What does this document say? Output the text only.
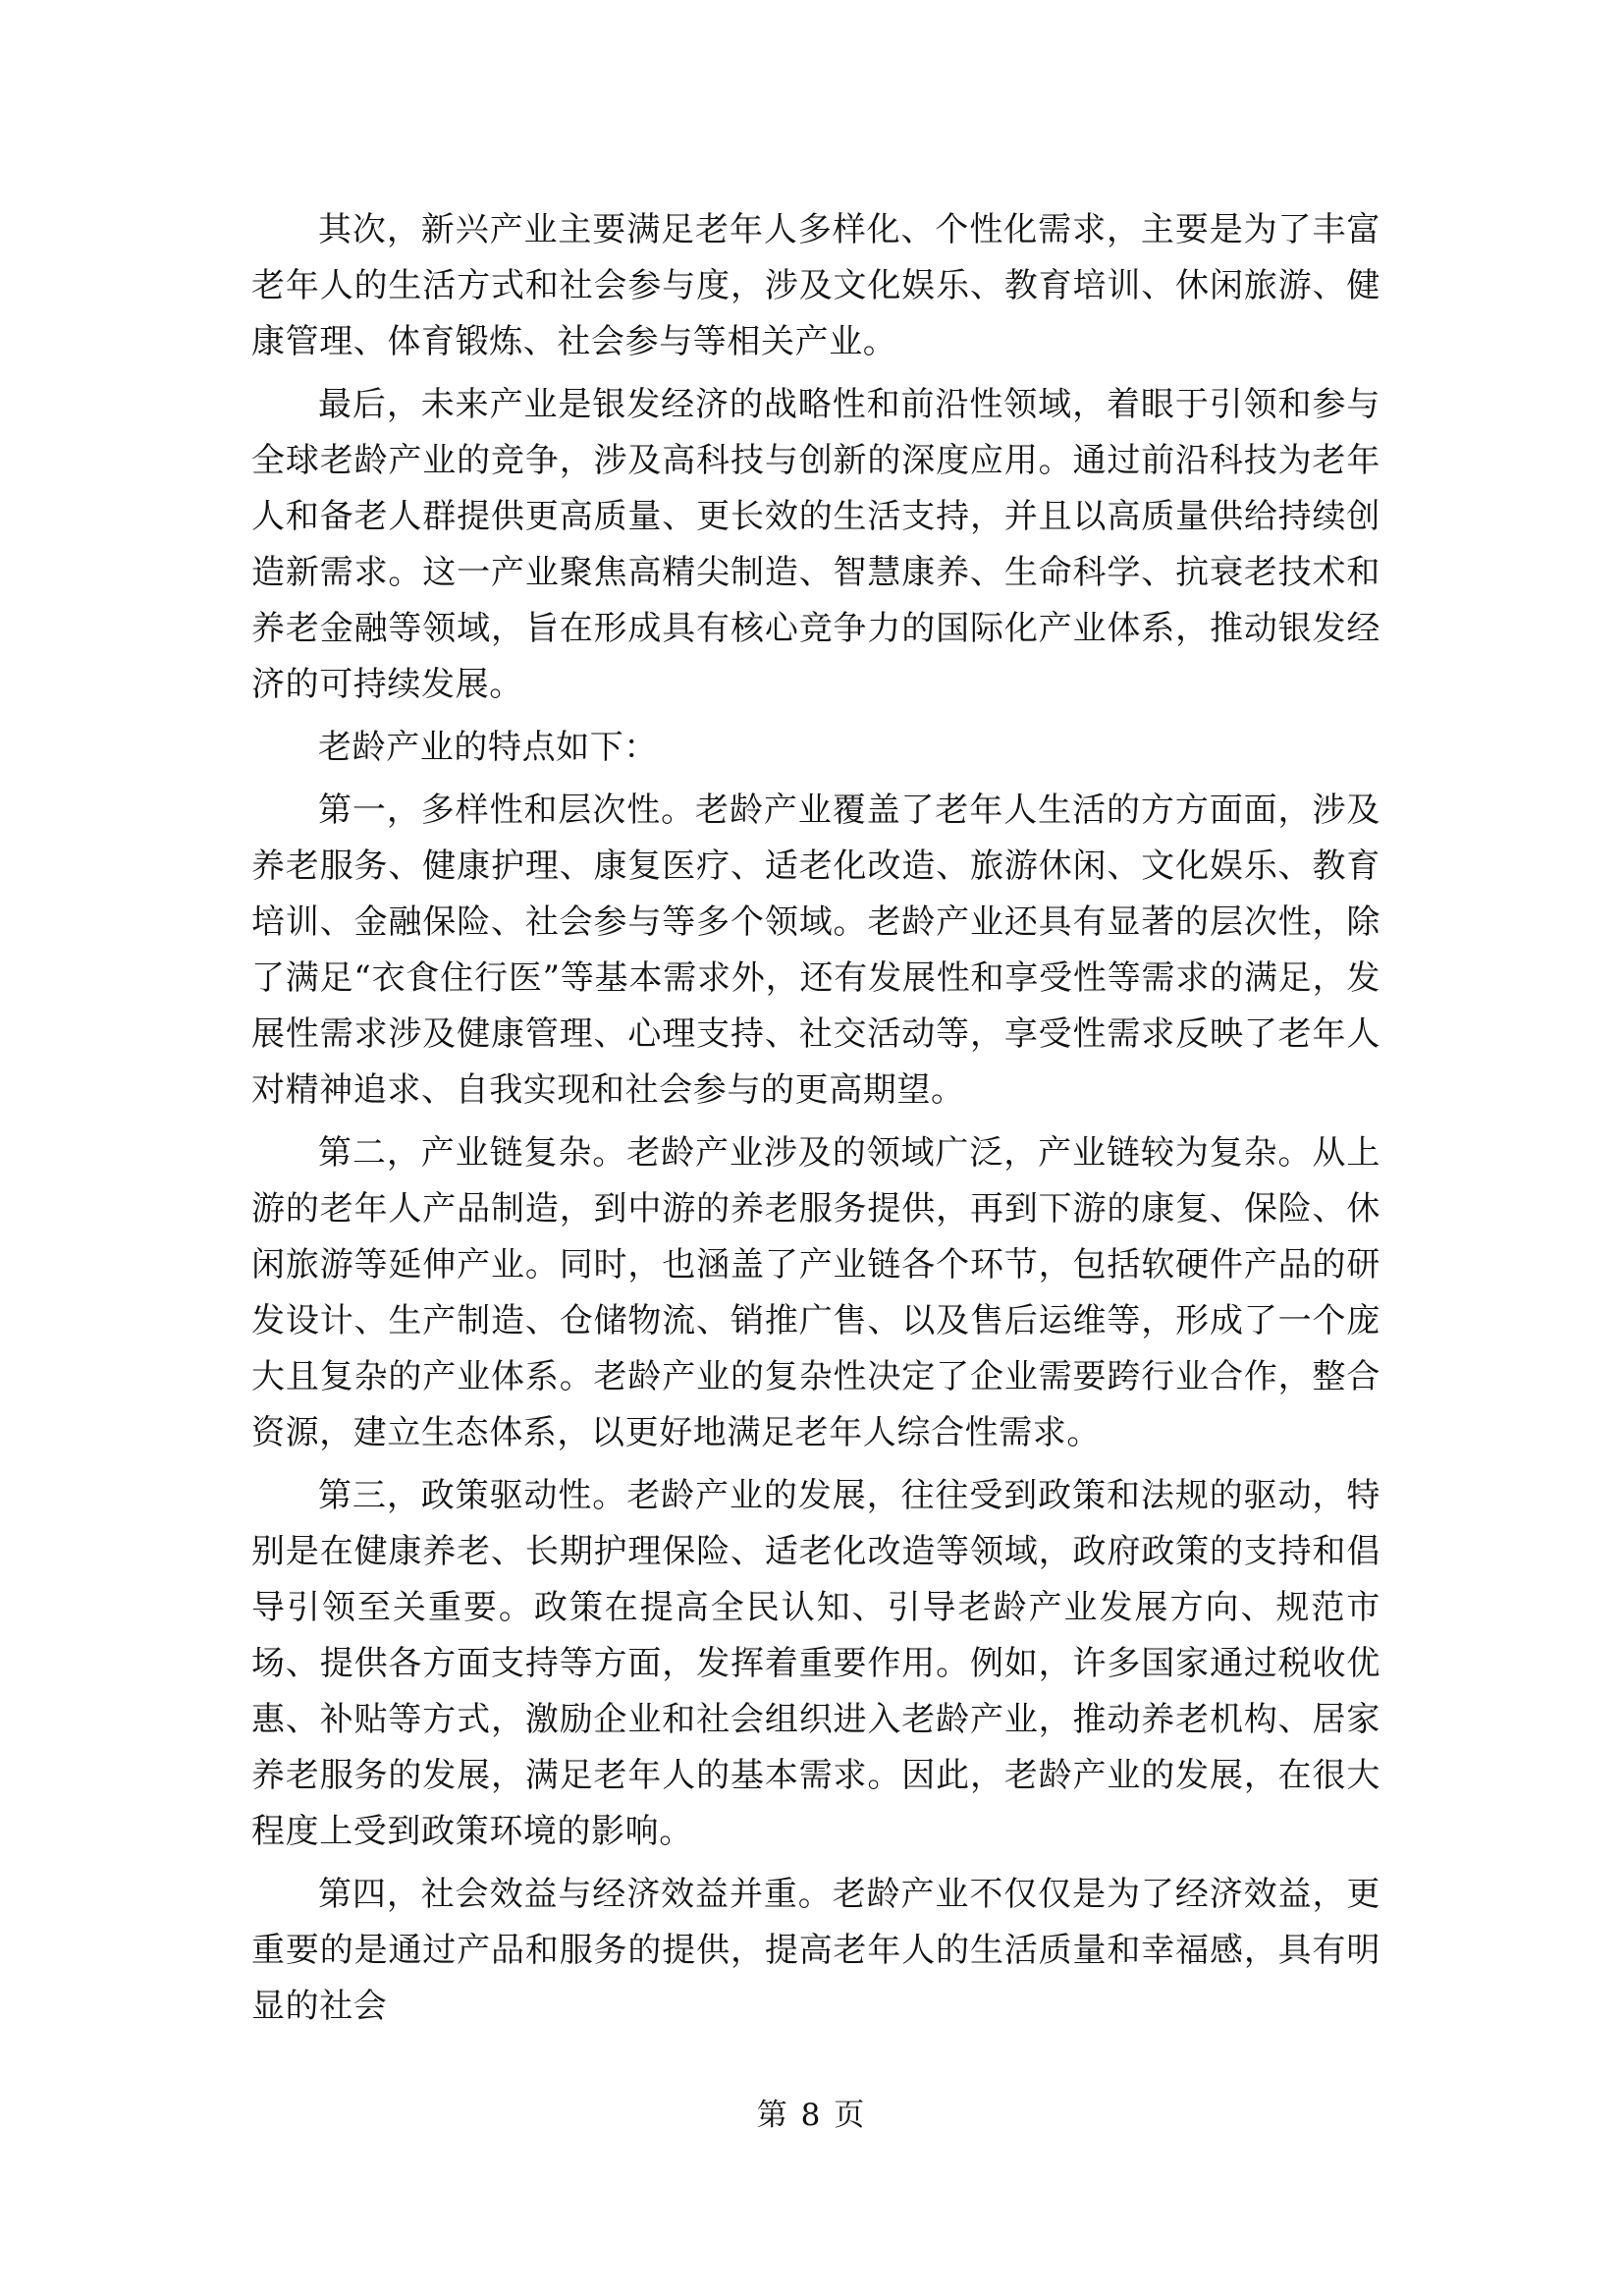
其次，新兴产业主要满足老年人多样化、个性化需求，主要是为了丰富老年人的生活方式和社会参与度，涉及文化娱乐、教育培训、休闲旅游、健康管理、体育锻炼、社会参与等相关产业。

最后，未来产业是银发经济的战略性和前沿性领域，着眼于引领和参与全球老龄产业的竞争，涉及高科技与创新的深度应用。通过前沿科技为老年人和备老人群提供更高质量、更长效的生活支持，并且以高质量供给持续创造新需求。这一产业聚焦高精尖制造、智慧康养、生命科学、抗衰老技术和养老金融等领域，旨在形成具有核心竞争力的国际化产业体系，推动银发经济的可持续发展。

老龄产业的特点如下：

第一，多样性和层次性。老龄产业覆盖了老年人生活的方方面面，涉及养老服务、健康护理、康复医疗、适老化改造、旅游休闲、文化娱乐、教育培训、金融保险、社会参与等多个领域。老龄产业还具有显著的层次性，除了满足“衣食住行医”等基本需求外，还有发展性和享受性等需求的满足，发展性需求涉及健康管理、心理支持、社交活动等，享受性需求反映了老年人对精神追求、自我实现和社会参与的更高期望。

第二，产业链复杂。老龄产业涉及的领域广泛，产业链较为复杂。从上游的老年人产品制造，到中游的养老服务提供，再到下游的康复、保险、休闲旅游等延伸产业。同时，也涵盖了产业链各个环节，包括软硬件产品的研发设计、生产制造、仓储物流、销推广售、以及售后运维等，形成了一个庞大且复杂的产业体系。老龄产业的复杂性决定了企业需要跨行业合作，整合资源，建立生态体系，以更好地满足老年人综合性需求。

第三，政策驱动性。老龄产业的发展，往往受到政策和法规的驱动，特别是在健康养老、长期护理保险、适老化改造等领域，政府政策的支持和倡导引领至关重要。政策在提高全民认知、引导老龄产业发展方向、规范市场、提供各方面支持等方面，发挥着重要作用。例如，许多国家通过税收优惠、补贴等方式，激励企业和社会组织进入老龄产业，推动养老机构、居家养老服务的发展，满足老年人的基本需求。因此，老龄产业的发展，在很大程度上受到政策环境的影响。

第四，社会效益与经济效益并重。老龄产业不仅仅是为了经济效益，更重要的是通过产品和服务的提供，提高老年人的生活质量和幸福感，具有明显的社会

第 8 页
